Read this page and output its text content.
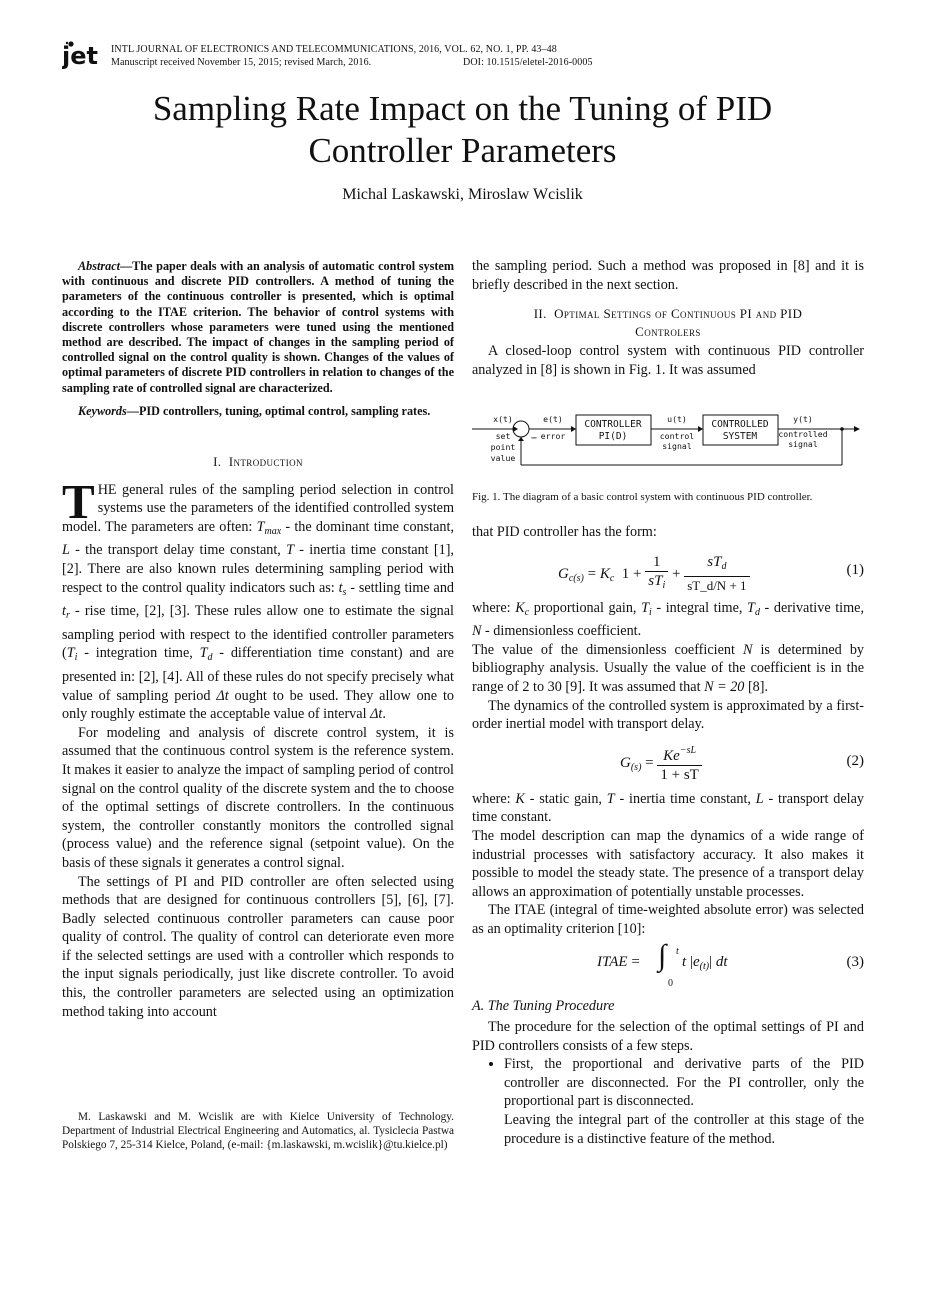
jet INTL JOURNAL OF ELECTRONICS AND TELECOMMUNICATIONS, 2016, VOL. 62, NO. 1, PP. 43–48
Manuscript received November 15, 2015; revised March, 2016.	DOI: 10.1515/eletel-2016-0005
Sampling Rate Impact on the Tuning of PID
Controller Parameters
Michal Laskawski, Miroslaw Wcislik

Abstract—The paper deals with an analysis of automatic control system with continuous and discrete PID controllers. A method of tuning the parameters of the continuous controller is presented, which is optimal according to the ITAE criterion. The behavior of control systems with discrete controllers whose parameters were tuned using the mentioned method are described. The impact of changes in the sampling period of controlled signal on the control quality is shown. Changes of the values of optimal parameters of discrete PID controllers in relation to changes of the sampling rate of controlled signal are characterized.

Keywords—PID controllers, tuning, optimal control, sampling rates.

I. Introduction

THE general rules of the sampling period selection in control systems use the parameters of the identified controlled system model. The parameters are often: $T_{max}$ - the dominant time constant, L - the transport delay time constant, T - inertia time constant [1], [2]. There are also known rules determining sampling period with respect to the control quality indicators such as: $t_s$ - settling time and $t_r$ - rise time, [2], [3]. These rules allow one to estimate the signal sampling period with respect to the identified controller parameters ($T_i$ - integration time, $T_d$ - differentiation time constant) and are presented in: [2], [4]. All of these rules do not specify precisely what value of sampling period Δt ought to be used. They allow one to only roughly estimate the acceptable value of interval Δt.

For modeling and analysis of discrete control system, it is assumed that the continuous control system is the reference system. It makes it easier to analyze the impact of sampling period of control signal on the control quality of the discrete system and the to choose of the optimal settings of discrete controllers. In the continuous system, the controller constantly monitors the controlled signal (process value) and the reference signal (setpoint value). On the basis of these signals it generates a control signal.

The settings of PI and PID controller are often selected using methods that are designed for continuous controllers [5], [6], [7]. Badly selected continuous controller parameters can cause poor quality of control. The quality of control can deteriorate even more if the selected settings are used with a controller which responds to the input signals periodically, just like discrete controller. To avoid this, the controller parameters are selected using an optimization method taking into account

M. Laskawski and M. Wcislik are with Kielce University of Technology. Department of Industrial Electrical Engineering and Automatics, al. Tysiclecia Pastwa Polskiego 7, 25-314 Kielce, Poland, (e-mail: {m.laskawski, m.wcislik}@tu.kielce.pl)

the sampling period. Such a method was proposed in [8] and it is briefly described in the next section.

II. Optimal Settings of Continuous PI and PID
Controlers

A closed-loop control system with continuous PID controller analyzed in [8] is shown in Fig. 1. It was assumed

x(t)	e(t)	u(t)	y(t)
set
point
value
error
−	control
signal
controlled
signal
CONTROLLER
PI(D)
CONTROLLED
SYSTEM
Fig. 1. The diagram of a basic control system with continuous PID controller.

that PID controller has the form:

$G_{c(s)} = K_c$ $1 + \frac{1}{sT_i} + \frac{sT_d}{sT\_d/N + 1}$	(1)

where: $K_c$ proportional gain, $T_i$ - integral time, $T_d$ - derivative time, N - dimensionless coefficient.

The value of the dimensionless coefficient N is determined by bibliography analysis. Usually the value of the coefficient is in the range of 2 to 30 [9]. It was assumed that N = 20 [8].

The dynamics of the controlled system is approximated by a first-order inertial model with transport delay.

$G_{(s)} = \frac{Ke^{-sL}}{1 + sT}$	(2)

where: K - static gain, T - inertia time constant, L - transport delay time constant.

The model description can map the dynamics of a wide range of industrial processes with satisfactory accuracy. It also makes it possible to model the steady state. The presence of a transport delay allows an approximation of potentially unstable processes.

The ITAE (integral of time-weighted absolute error) was selected as an optimality criterion [10]:

ITAE = ∫ t
0
t $|e_{(t)}|$ dt	(3)

A. The Tuning Procedure

The procedure for the selection of the optimal settings of PI and PID controllers consists of a few steps.

• First, the proportional and derivative parts of the PID controller are disconnected. For the PI controller, only the proportional part is disconnected.
Leaving the integral part of the controller at this stage of the procedure is a distinctive feature of the method.
